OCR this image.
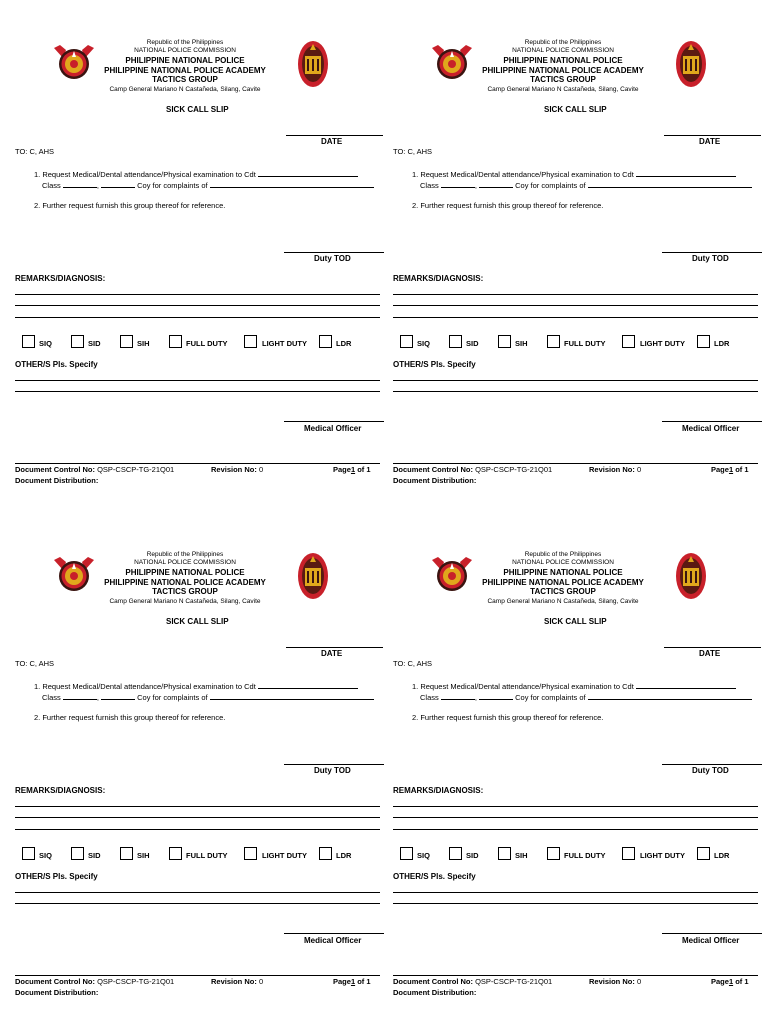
Republic of the Philippines
NATIONAL POLICE COMMISSION
PHILIPPINE NATIONAL POLICE
PHILIPPINE NATIONAL POLICE ACADEMY
TACTICS GROUP
Camp General Mariano N Castañeda, Silang, Cavite
SICK CALL SLIP
DATE
TO: C, AHS
1. Request Medical/Dental attendance/Physical examination to Cdt
Class	,	Coy for complaints of
2. Further request furnish this group thereof for reference.
Duty TOD
REMARKS/DIAGNOSIS:
SIQ	SID	SIH	FULL DUTY	LIGHT DUTY	LDR
OTHER/S Pls. Specify
Medical Officer
Document Control No: QSP-CSCP-TG-21Q01	Revision No: 0	Page1 of 1
Document Distribution:
Republic of the Philippines
NATIONAL POLICE COMMISSION
PHILIPPINE NATIONAL POLICE
PHILIPPINE NATIONAL POLICE ACADEMY
TACTICS GROUP
Camp General Mariano N Castañeda, Silang, Cavite
SICK CALL SLIP
DATE
TO: C, AHS
1. Request Medical/Dental attendance/Physical examination to Cdt
Class	,	Coy for complaints of
2. Further request furnish this group thereof for reference.
Duty TOD
REMARKS/DIAGNOSIS:
SIQ	SID	SIH	FULL DUTY	LIGHT DUTY	LDR
OTHER/S Pls. Specify
Medical Officer
Document Control No: QSP-CSCP-TG-21Q01	Revision No: 0	Page1 of 1
Document Distribution:
Republic of the Philippines
NATIONAL POLICE COMMISSION
PHILIPPINE NATIONAL POLICE
PHILIPPINE NATIONAL POLICE ACADEMY
TACTICS GROUP
Camp General Mariano N Castañeda, Silang, Cavite
SICK CALL SLIP
DATE
TO: C, AHS
1. Request Medical/Dental attendance/Physical examination to Cdt
Class	,	Coy for complaints of
2. Further request furnish this group thereof for reference.
Duty TOD
REMARKS/DIAGNOSIS:
SIQ	SID	SIH	FULL DUTY	LIGHT DUTY	LDR
OTHER/S Pls. Specify
Medical Officer
Document Control No: QSP-CSCP-TG-21Q01	Revision No: 0	Page1 of 1
Document Distribution:
Republic of the Philippines
NATIONAL POLICE COMMISSION
PHILIPPINE NATIONAL POLICE
PHILIPPINE NATIONAL POLICE ACADEMY
TACTICS GROUP
Camp General Mariano N Castañeda, Silang, Cavite
SICK CALL SLIP
DATE
TO: C, AHS
1. Request Medical/Dental attendance/Physical examination to Cdt
Class	,	Coy for complaints of
2. Further request furnish this group thereof for reference.
Duty TOD
REMARKS/DIAGNOSIS:
SIQ	SID	SIH	FULL DUTY	LIGHT DUTY	LDR
OTHER/S Pls. Specify
Medical Officer
Document Control No: QSP-CSCP-TG-21Q01	Revision No: 0	Page1 of 1
Document Distribution:
